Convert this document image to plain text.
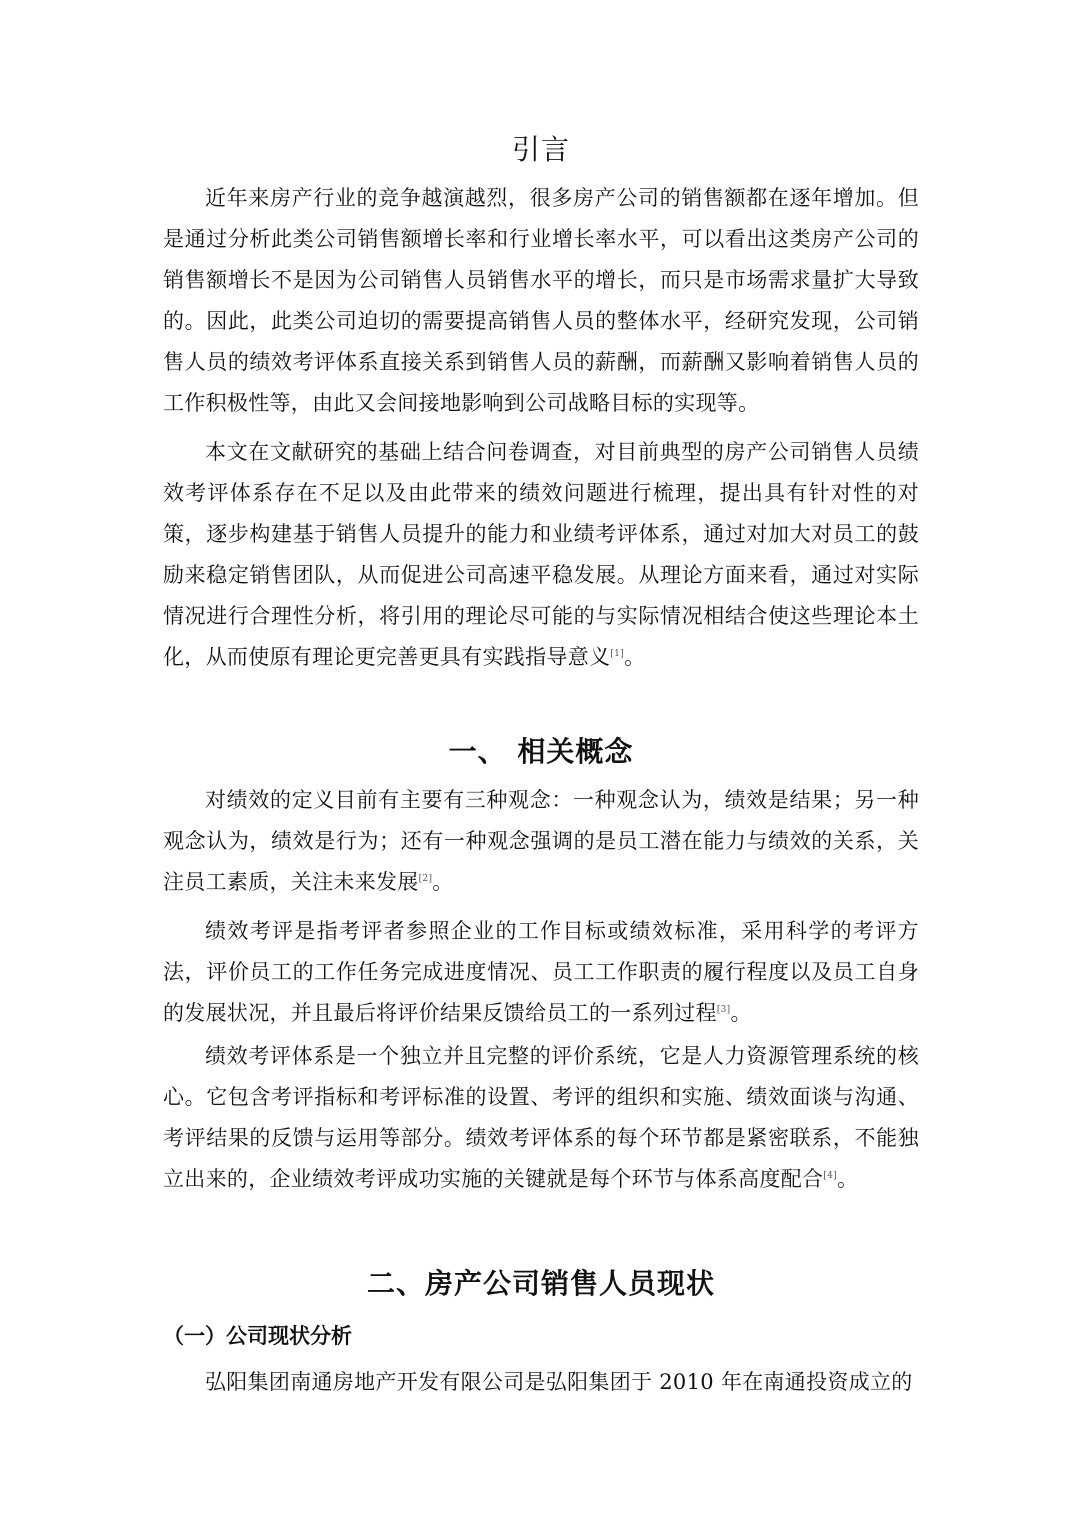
引言

近年来房产行业的竞争越演越烈，很多房产公司的销售额都在逐年增加。但是通过分析此类公司销售额增长率和行业增长率水平，可以看出这类房产公司的销售额增长不是因为公司销售人员销售水平的增长，而只是市场需求量扩大导致的。因此，此类公司迫切的需要提高销售人员的整体水平，经研究发现，公司销售人员的绩效考评体系直接关系到销售人员的薪酬，而薪酬又影响着销售人员的工作积极性等，由此又会间接地影响到公司战略目标的实现等。

本文在文献研究的基础上结合问卷调查，对目前典型的房产公司销售人员绩效考评体系存在不足以及由此带来的绩效问题进行梳理，提出具有针对性的对策，逐步构建基于销售人员提升的能力和业绩考评体系，通过对加大对员工的鼓励来稳定销售团队，从而促进公司高速平稳发展。从理论方面来看，通过对实际情况进行合理性分析，将引用的理论尽可能的与实际情况相结合使这些理论本土化，从而使原有理论更完善更具有实践指导意义[1]。

一、 相关概念

对绩效的定义目前有主要有三种观念：一种观念认为，绩效是结果；另一种观念认为，绩效是行为；还有一种观念强调的是员工潜在能力与绩效的关系，关注员工素质，关注未来发展[2]。

绩效考评是指考评者参照企业的工作目标或绩效标准，采用科学的考评方法，评价员工的工作任务完成进度情况、员工工作职责的履行程度以及员工自身的发展状况，并且最后将评价结果反馈给员工的一系列过程[3]。

绩效考评体系是一个独立并且完整的评价系统，它是人力资源管理系统的核心。它包含考评指标和考评标准的设置、考评的组织和实施、绩效面谈与沟通、考评结果的反馈与运用等部分。绩效考评体系的每个环节都是紧密联系，不能独立出来的，企业绩效考评成功实施的关键就是每个环节与体系高度配合[4]。

二、房产公司销售人员现状
（一）公司现状分析

弘阳集团南通房地产开发有限公司是弘阳集团于 2010 年在南通投资成立的
